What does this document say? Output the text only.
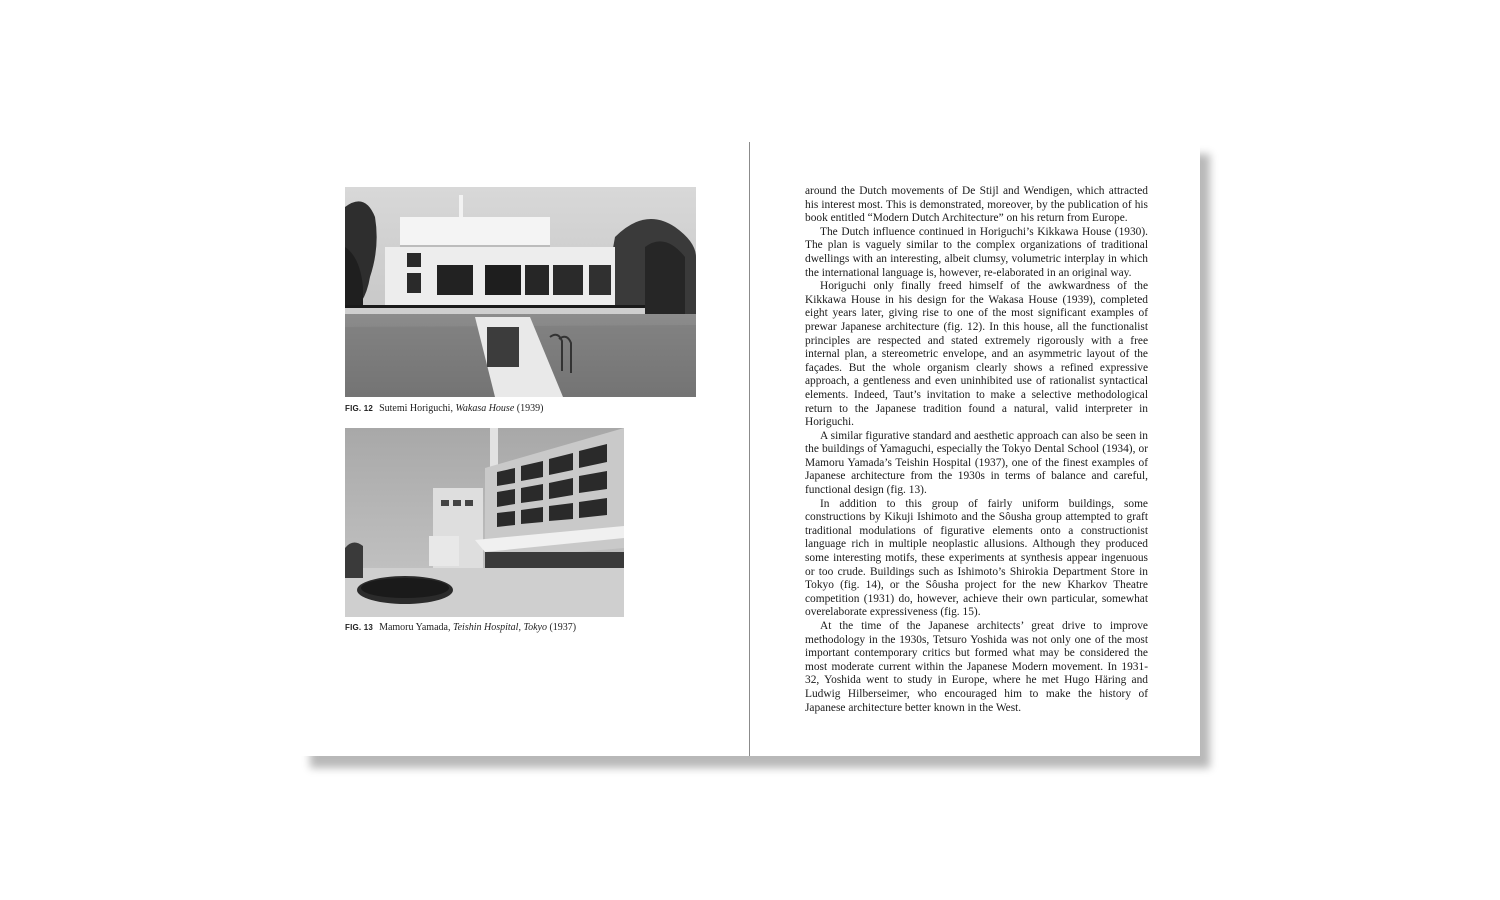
FIG. 12 Sutemi Horiguchi, Wakasa House (1939)
FIG. 13 Mamoru Yamada, Teishin Hospital, Tokyo (1937)

around the Dutch movements of De Stijl and Wendigen, which attracted his interest most. This is demonstrated, moreover, by the publication of his book entitled “Modern Dutch Architecture” on his return from Europe.

The Dutch influence continued in Horiguchi’s Kikkawa House (1930). The plan is vaguely similar to the complex organizations of traditional dwellings with an interesting, albeit clumsy, volumetric interplay in which the international language is, however, re-elaborated in an original way.

Horiguchi only finally freed himself of the awkwardness of the Kikkawa House in his design for the Wakasa House (1939), completed eight years later, giving rise to one of the most significant examples of prewar Japanese architecture (fig. 12). In this house, all the functionalist principles are respected and stated extremely rigorously with a free internal plan, a stereometric envelope, and an asymmetric layout of the façades. But the whole organism clearly shows a refined expressive approach, a gentleness and even uninhibited use of rationalist syntactical elements. Indeed, Taut’s invitation to make a selective methodological return to the Japanese tradition found a natural, valid interpreter in Horiguchi.

A similar figurative standard and aesthetic approach can also be seen in the buildings of Yamaguchi, especially the Tokyo Dental School (1934), or Mamoru Yamada’s Teishin Hospital (1937), one of the finest examples of Japanese architecture from the 1930s in terms of balance and careful, functional design (fig. 13).

In addition to this group of fairly uniform buildings, some constructions by Kikuji Ishimoto and the Sôusha group attempted to graft traditional modulations of figurative elements onto a constructionist language rich in multiple neoplastic allusions. Although they produced some interesting motifs, these experiments at synthesis appear ingenuous or too crude. Buildings such as Ishimoto’s Shirokia Department Store in Tokyo (fig. 14), or the Sôusha project for the new Kharkov Theatre competition (1931) do, however, achieve their own particular, somewhat overelaborate expressiveness (fig. 15).

At the time of the Japanese architects’ great drive to improve methodology in the 1930s, Tetsuro Yoshida was not only one of the most important contemporary critics but formed what may be considered the most moderate current within the Japanese Modern movement. In 1931-32, Yoshida went to study in Europe, where he met Hugo Häring and Ludwig Hilberseimer, who encouraged him to make the history of Japanese architecture better known in the West.
